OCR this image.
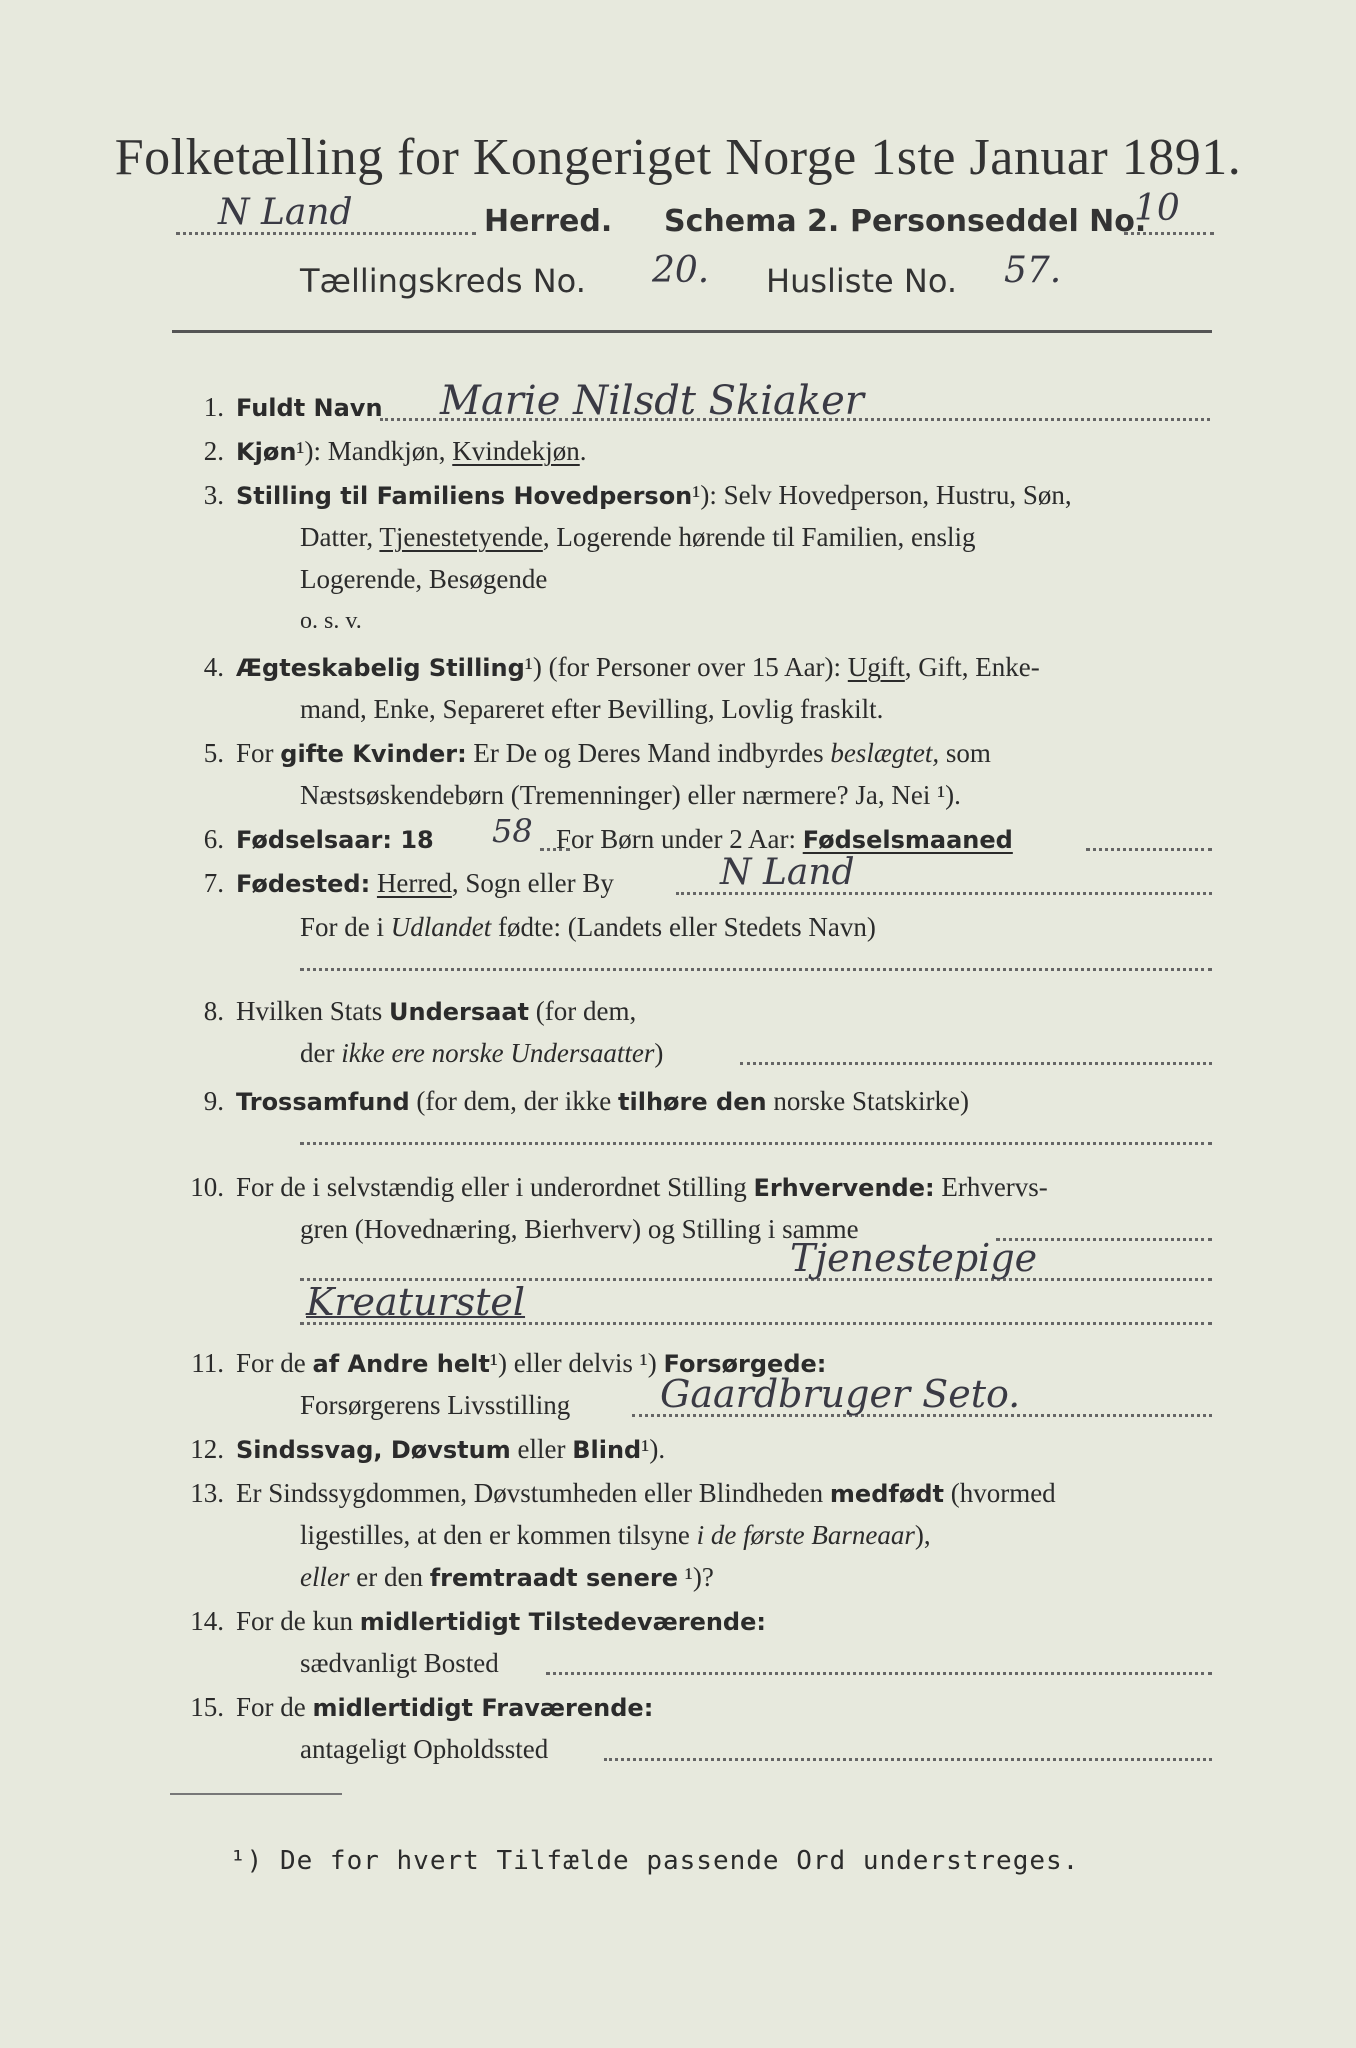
Folketælling for Kongeriget Norge 1ste Januar 1891.
N Land	Herred. Schema 2. Personseddel No.
10
Tællingskreds No. 20. Husliste No. 57.
1. Fuldt Navn Marie Nilsdt Skiaker
2. Kjøn¹): Mandkjøn, Kvindekjøn.
3. Stilling til Familiens Hovedperson¹): Selv Hovedperson, Hustru, Søn,
Datter, Tjenestetyende, Logerende hørende til Familien, enslig
Logerende, Besøgende
o. s. v.
4. Ægteskabelig Stilling¹) (for Personer over 15 Aar): Ugift, Gift, Enke-
mand, Enke, Separeret efter Bevilling, Lovlig fraskilt.
5. For gifte Kvinder: Er De og Deres Mand indbyrdes beslægtet, som
Næstsøskendebørn (Tremenninger) eller nærmere? Ja, Nei ¹).
6. Fødselsaar: 18 58 For Børn under 2 Aar: Fødselsmaaned
7. Fødested: Herred, Sogn eller By	N Land
For de i Udlandet fødte: (Landets eller Stedets Navn)
8. Hvilken Stats Undersaat (for dem,
der ikke ere norske Undersaatter)
9. Trossamfund (for dem, der ikke tilhøre den norske Statskirke)
10. For de i selvstændig eller i underordnet Stilling Erhvervende: Erhvervs-
gren (Hovednæring, Bierhverv) og Stilling i samme
Tjenestepige
Kreaturstel
11. For de af Andre helt¹) eller delvis ¹) Forsørgede:
Forsørgerens Livsstilling Gaardbruger Seto.
12. Sindssvag, Døvstum eller Blind¹).
13. Er Sindssygdommen, Døvstumheden eller Blindheden medfødt (hvormed
ligestilles, at den er kommen tilsyne i de første Barneaar),
eller er den fremtraadt senere ¹)?
14. For de kun midlertidigt Tilstedeværende:
sædvanligt Bosted
15. For de midlertidigt Fraværende:
antageligt Opholdssted
¹) De for hvert Tilfælde passende Ord understreges.
